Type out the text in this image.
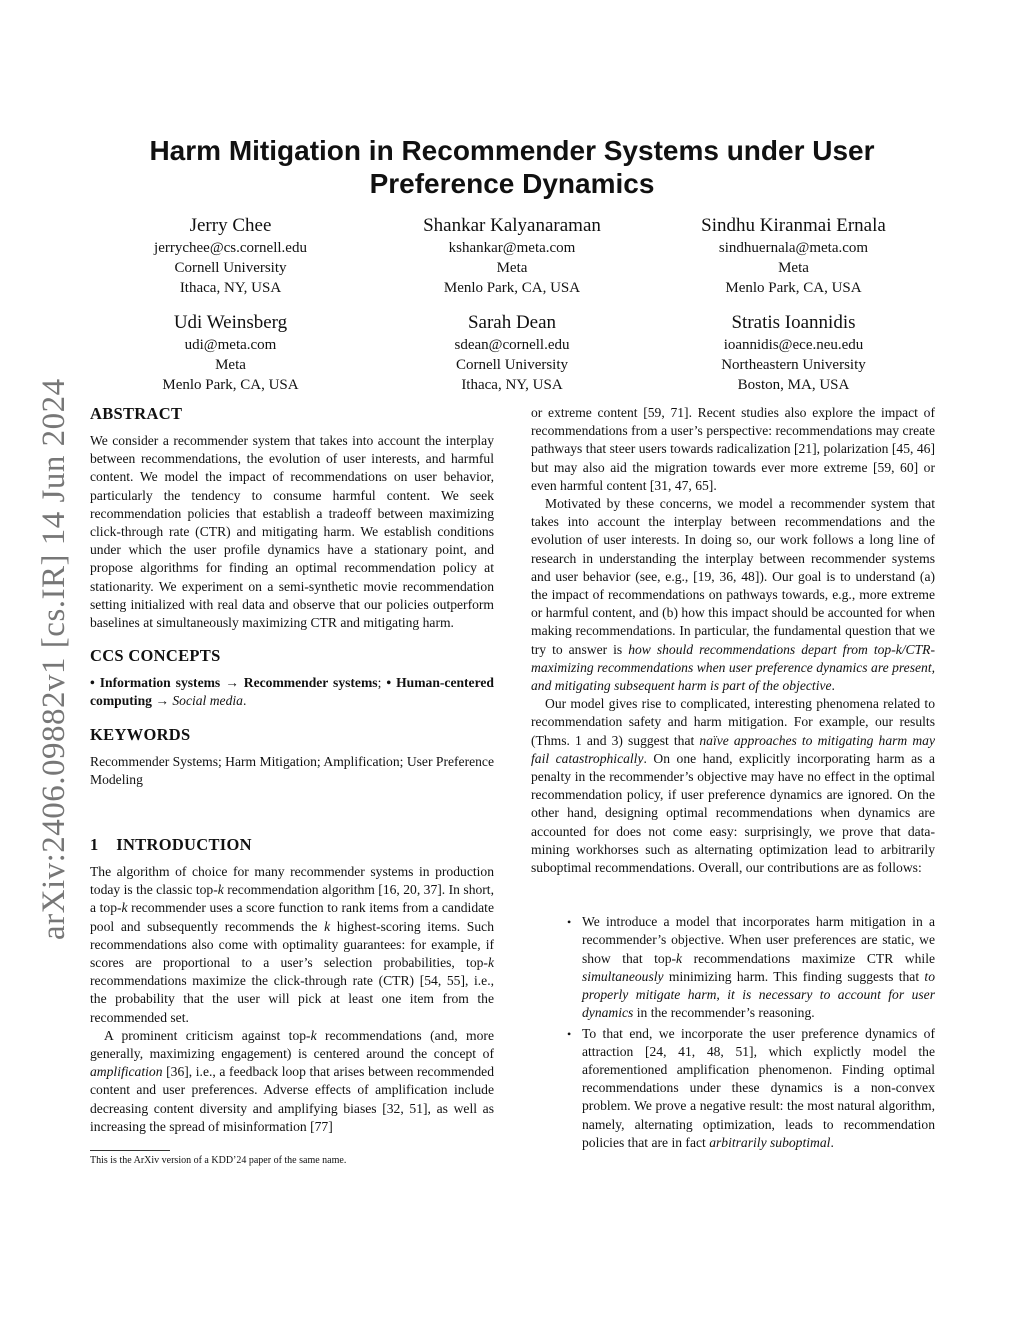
arXiv:2406.09882v1 [cs.IR] 14 Jun 2024
Harm Mitigation in Recommender Systems under User Preference Dynamics
Jerry Chee
jerrychee@cs.cornell.edu
Cornell University
Ithaca, NY, USA
Shankar Kalyanaraman
kshankar@meta.com
Meta
Menlo Park, CA, USA
Sindhu Kiranmai Ernala
sindhuernala@meta.com
Meta
Menlo Park, CA, USA
Udi Weinsberg
udi@meta.com
Meta
Menlo Park, CA, USA
Sarah Dean
sdean@cornell.edu
Cornell University
Ithaca, NY, USA
Stratis Ioannidis
ioannidis@ece.neu.edu
Northeastern University
Boston, MA, USA
ABSTRACT

We consider a recommender system that takes into account the interplay between recommendations, the evolution of user interests, and harmful content. We model the impact of recommendations on user behavior, particularly the tendency to consume harmful content. We seek recommendation policies that establish a tradeoff between maximizing click-through rate (CTR) and mitigating harm. We establish conditions under which the user profile dynamics have a stationary point, and propose algorithms for finding an optimal recommendation policy at stationarity. We experiment on a semi-synthetic movie recommendation setting initialized with real data and observe that our policies outperform baselines at simultaneously maximizing CTR and mitigating harm.

CCS CONCEPTS

• Information systems → Recommender systems; • Human-centered computing → Social media.

KEYWORDS

Recommender Systems; Harm Mitigation; Amplification; User Preference Modeling

1    INTRODUCTION

The algorithm of choice for many recommender systems in production today is the classic top-k recommendation algorithm [16, 20, 37]. In short, a top-k recommender uses a score function to rank items from a candidate pool and subsequently recommends the k highest-scoring items. Such recommendations also come with optimality guarantees: for example, if scores are proportional to a user’s selection probabilities, top-k recommendations maximize the click-through rate (CTR) [54, 55], i.e., the probability that the user will pick at least one item from the recommended set.

A prominent criticism against top-k recommendations (and, more generally, maximizing engagement) is centered around the concept of amplification [36], i.e., a feedback loop that arises between recommended content and user preferences. Adverse effects of amplification include decreasing content diversity and amplifying biases [32, 51], as well as increasing the spread of misinformation [77]

This is the ArXiv version of a KDD’24 paper of the same name.

or extreme content [59, 71]. Recent studies also explore the impact of recommendations from a user’s perspective: recommendations may create pathways that steer users towards radicalization [21], polarization [45, 46] but may also aid the migration towards ever more extreme [59, 60] or even harmful content [31, 47, 65].

Motivated by these concerns, we model a recommender system that takes into account the interplay between recommendations and the evolution of user interests. In doing so, our work follows a long line of research in understanding the interplay between recommender systems and user behavior (see, e.g., [19, 36, 48]). Our goal is to understand (a) the impact of recommendations on pathways towards, e.g., more extreme or harmful content, and (b) how this impact should be accounted for when making recommendations. In particular, the fundamental question that we try to answer is how should recommendations depart from top-k/CTR-maximizing recommendations when user preference dynamics are present, and mitigating subsequent harm is part of the objective.

Our model gives rise to complicated, interesting phenomena related to recommendation safety and harm mitigation. For example, our results (Thms. 1 and 3) suggest that naïve approaches to mitigating harm may fail catastrophically. On one hand, explicitly incorporating harm as a penalty in the recommender’s objective may have no effect in the optimal recommendation policy, if user preference dynamics are ignored. On the other hand, designing optimal recommendations when dynamics are accounted for does not come easy: surprisingly, we prove that data-mining workhorses such as alternating optimization lead to arbitrarily suboptimal recommendations. Overall, our contributions are as follows:

• We introduce a model that incorporates harm mitigation in a recommender’s objective. When user preferences are static, we show that top-k recommendations maximize CTR while simultaneously minimizing harm. This finding suggests that to properly mitigate harm, it is necessary to account for user dynamics in the recommender’s reasoning.
• To that end, we incorporate the user preference dynamics of attraction [24, 41, 48, 51], which explictly model the aforementioned amplification phenomenon. Finding optimal recommendations under these dynamics is a non-convex problem. We prove a negative result: the most natural algorithm, namely, alternating optimization, leads to recommendation policies that are in fact arbitrarily suboptimal.
